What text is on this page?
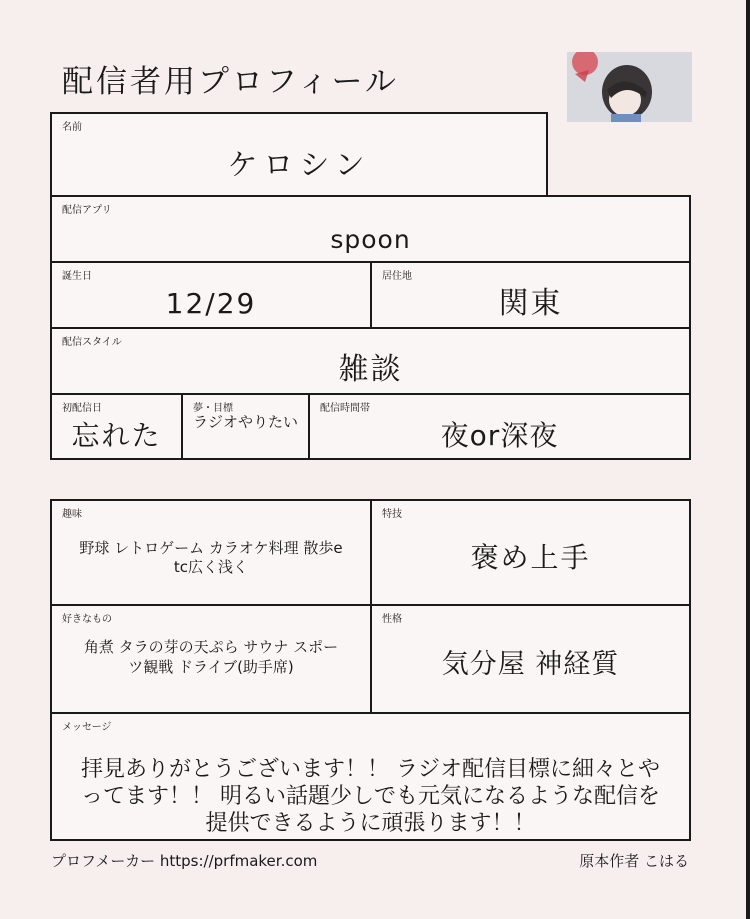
配信者用プロフィール
名前
ケロシン
配信アプリ
spoon
誕生日
12/29
居住地
関東
配信スタイル
雑談
初配信日
忘れた
夢・目標
ラジオやりたい
配信時間帯
夜or深夜
趣味
野球 レトロゲーム カラオケ料理 散歩etc広く浅く
特技
褒め上手
好きなもの
角煮 タラの芽の天ぷら サウナ スポーツ観戦 ドライブ(助手席)
性格
気分屋 神経質
メッセージ
拝見ありがとうございます！！ ラジオ配信目標に細々とやってます！！ 明るい話題少しでも元気になるような配信を提供できるように頑張ります！！
プロフメーカー https://prfmaker.com	原本作者 こはる
